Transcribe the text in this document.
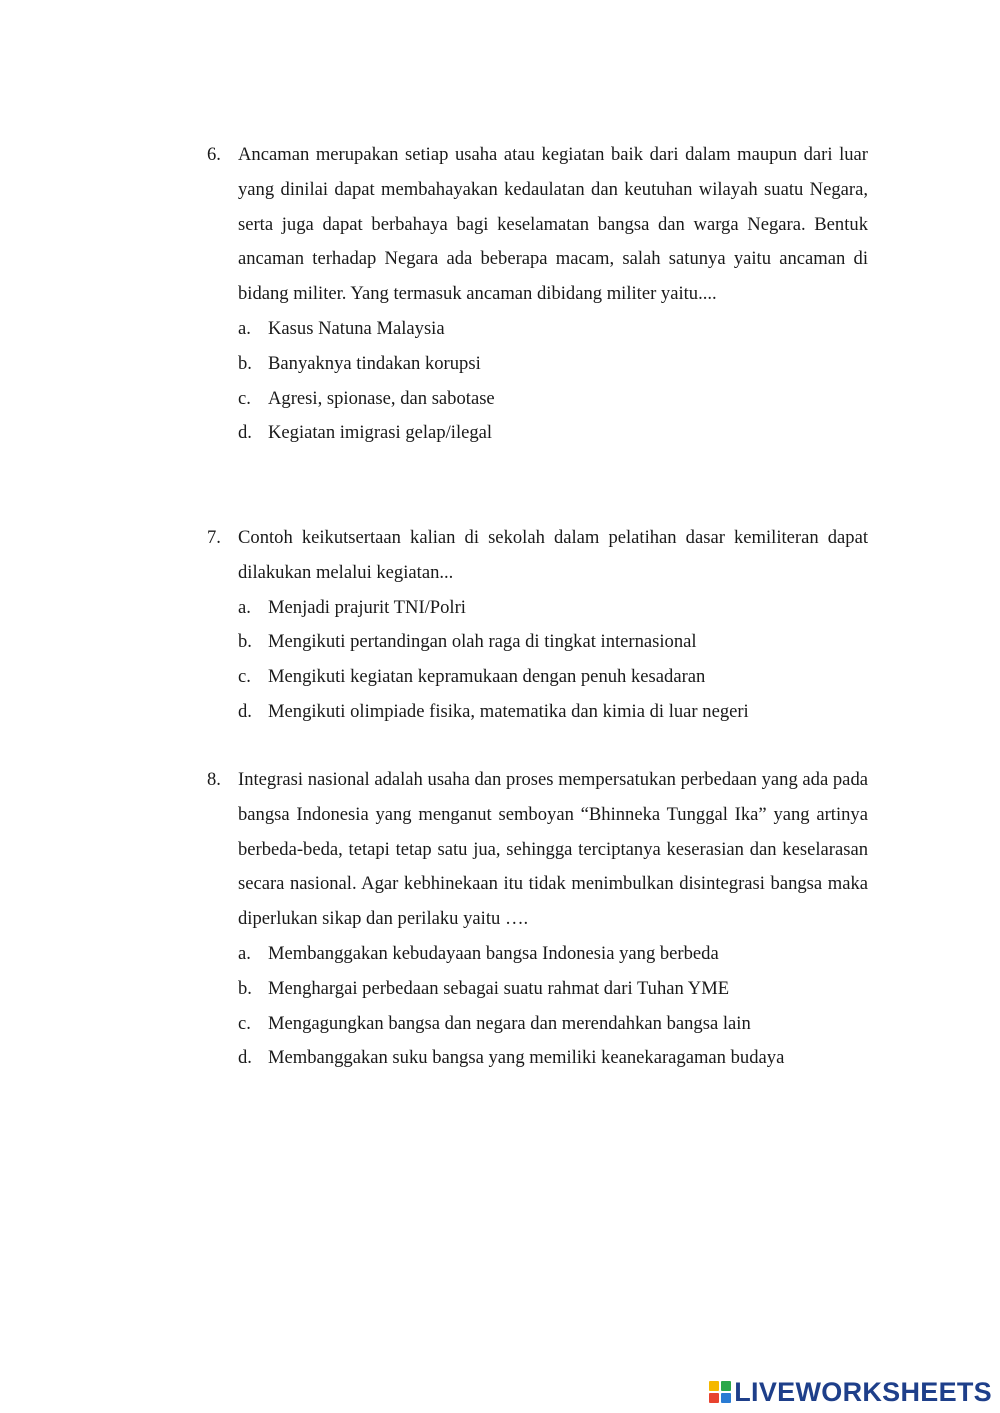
6. Ancaman merupakan setiap usaha atau kegiatan baik dari dalam maupun dari luar yang dinilai dapat membahayakan kedaulatan dan keutuhan wilayah suatu Negara, serta juga dapat berbahaya bagi keselamatan bangsa dan warga Negara. Bentuk ancaman terhadap Negara ada beberapa macam, salah satunya yaitu ancaman di bidang militer. Yang termasuk ancaman dibidang militer yaitu....
a. Kasus Natuna Malaysia
b. Banyaknya tindakan korupsi
c. Agresi, spionase, dan sabotase
d. Kegiatan imigrasi gelap/ilegal
7. Contoh keikutsertaan kalian di sekolah dalam pelatihan dasar kemiliteran dapat dilakukan melalui kegiatan...
a. Menjadi prajurit TNI/Polri
b. Mengikuti pertandingan olah raga di tingkat internasional
c. Mengikuti kegiatan kepramukaan dengan penuh kesadaran
d. Mengikuti olimpiade fisika, matematika dan kimia di luar negeri
8. Integrasi nasional adalah usaha dan proses mempersatukan perbedaan yang ada pada bangsa Indonesia yang menganut semboyan “Bhinneka Tunggal Ika” yang artinya berbeda-beda, tetapi tetap satu jua, sehingga terciptanya keserasian dan keselarasan secara nasional. Agar kebhinekaan itu tidak menimbulkan disintegrasi bangsa maka diperlukan sikap dan perilaku yaitu ….
a. Membanggakan kebudayaan bangsa Indonesia yang berbeda
b. Menghargai perbedaan sebagai suatu rahmat dari Tuhan YME
c. Mengagungkan bangsa dan negara dan merendahkan bangsa lain
d. Membanggakan suku bangsa yang memiliki keanekaragaman budaya
LIVEWORKSHEETS
